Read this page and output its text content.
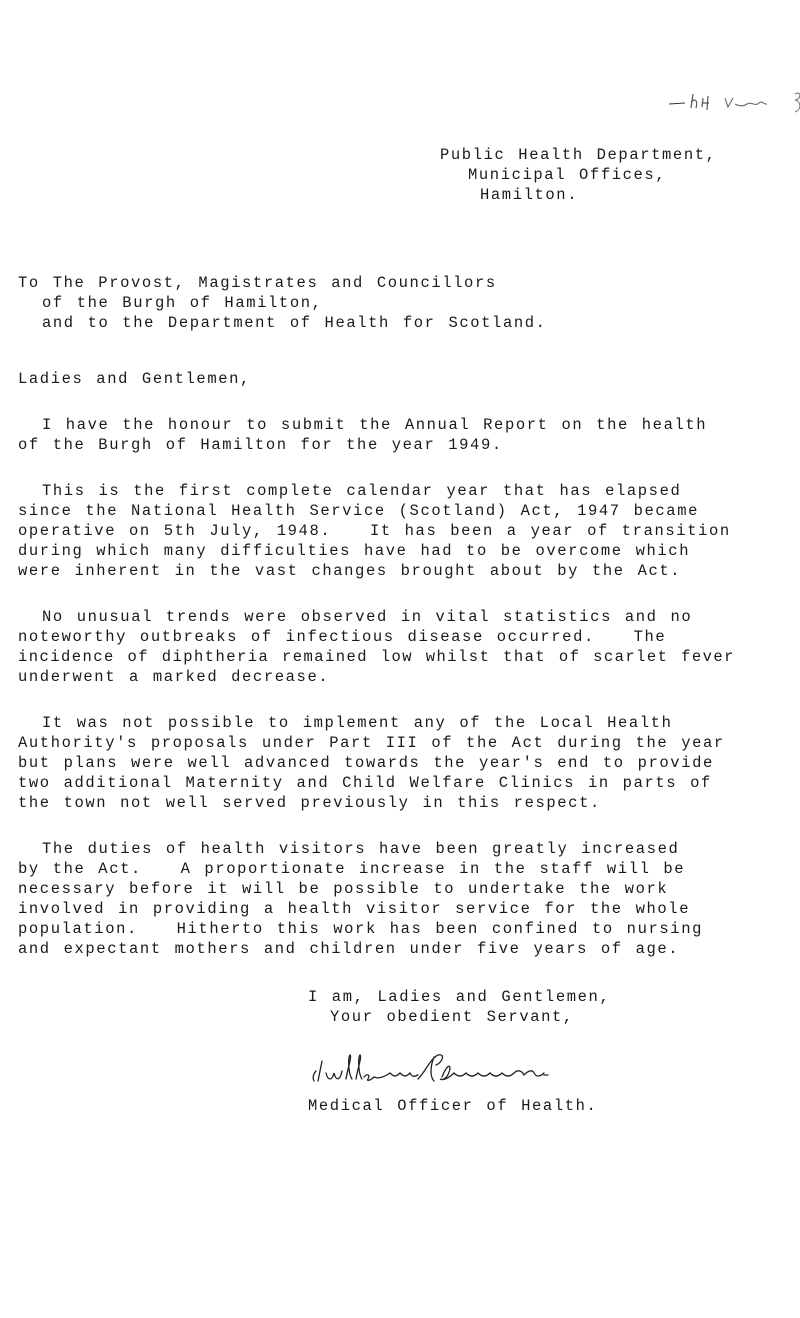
Public Health Department,
Municipal Offices,
Hamilton.
To The Provost, Magistrates and Councillors
of the Burgh of Hamilton,
and to the Department of Health for Scotland.
Ladies and Gentlemen,
I have the honour to submit the Annual Report on the health
of the Burgh of Hamilton for the year 1949.
This is the first complete calendar year that has elapsed
since the National Health Service (Scotland) Act, 1947 became
operative on 5th July, 1948.   It has been a year of transition
during which many difficulties have had to be overcome which
were inherent in the vast changes brought about by the Act.
No unusual trends were observed in vital statistics and no
noteworthy outbreaks of infectious disease occurred.   The
incidence of diphtheria remained low whilst that of scarlet fever
underwent a marked decrease.
It was not possible to implement any of the Local Health
Authority's proposals under Part III of the Act during the year
but plans were well advanced towards the year's end to provide
two additional Maternity and Child Welfare Clinics in parts of
the town not well served previously in this respect.
The duties of health visitors have been greatly increased
by the Act.   A proportionate increase in the staff will be
necessary before it will be possible to undertake the work
involved in providing a health visitor service for the whole
population.   Hitherto this work has been confined to nursing
and expectant mothers and children under five years of age.
I am, Ladies and Gentlemen,
Your obedient Servant,
Medical Officer of Health.
